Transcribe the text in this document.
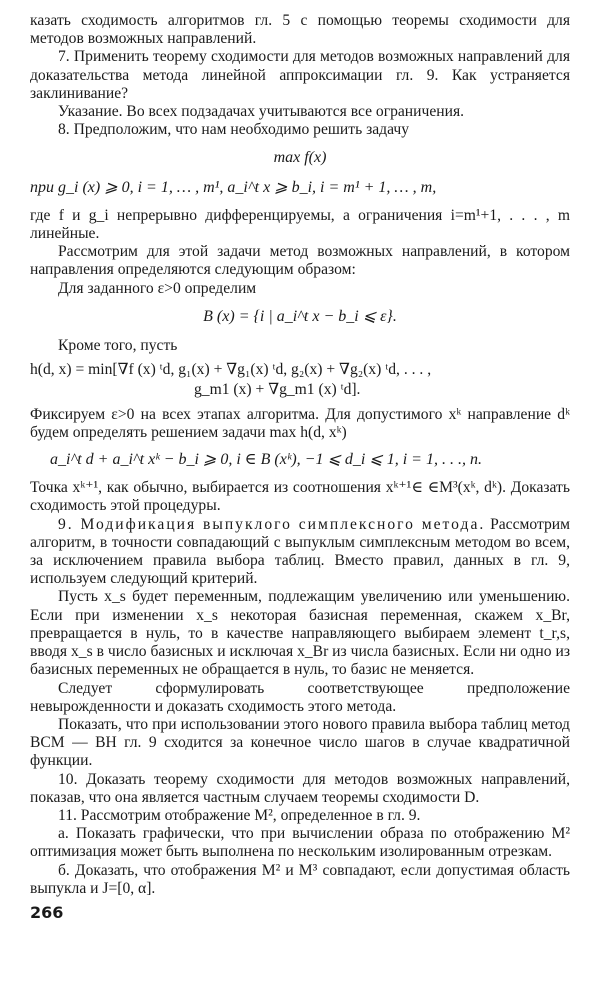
казать сходимость алгоритмов гл. 5 с помощью теоремы сходимости для методов возможных направлений.

7. Применить теорему сходимости для методов возможных направлений для доказательства метода линейной аппроксимации гл. 9. Как устраняется заклинивание?

Указание. Во всех подзадачах учитываются все ограничения.

8. Предположим, что нам необходимо решить задачу

max f(x)
при g_i (x) ⩾ 0, i = 1, … , m¹, a_i^t x ⩾ b_i, i = m¹ + 1, … , m,

где f и g_i непрерывно дифференцируемы, а ограничения i=m¹+1, . . . , m линейные.

Рассмотрим для этой задачи метод возможных направлений, в котором направления определяются следующим образом:

Для заданного ε>0 определим

B (x) = {i | a_i^t x − b_i ⩽ ε}.

Кроме того, пусть

h(d, x) = min[∇f (x) ᵗd, g₁(x) + ∇g₁(x) ᵗd, g₂(x) + ∇g₂(x) ᵗd, . . . ,
g_m1 (x) + ∇g_m1 (x) ᵗd].

Фиксируем ε>0 на всех этапах алгоритма. Для допустимого xᵏ направление dᵏ будем определять решением задачи max h(d, xᵏ)

a_i^t d + a_i^t xᵏ − b_i ⩾ 0, i ∈ B (xᵏ), −1 ⩽ d_i ⩽ 1, i = 1, . . ., n.

Точка xᵏ⁺¹, как обычно, выбирается из соотношения xᵏ⁺¹∈ ∈M³(xᵏ, dᵏ). Доказать сходимость этой процедуры.

9. Модификация выпуклого симплексного метода. Рассмотрим алгоритм, в точности совпадающий с выпуклым симплексным методом во всем, за исключением правила выбора таблиц. Вместо правил, данных в гл. 9, используем следующий критерий.

Пусть x_s будет переменным, подлежащим увеличению или уменьшению. Если при изменении x_s некоторая базисная переменная, скажем x_Br, превращается в нуль, то в качестве направляющего выбираем элемент t_r,s, вводя x_s в число базисных и исключая x_Br из числа базисных. Если ни одно из базисных переменных не обращается в нуль, то базис не меняется.

Следует сформулировать соответствующее предположение невырожденности и доказать сходимость этого метода.

Показать, что при использовании этого нового правила выбора таблиц метод ВСМ — ВН гл. 9 сходится за конечное число шагов в случае квадратичной функции.

10. Доказать теорему сходимости для методов возможных направлений, показав, что она является частным случаем теоремы сходимости D.

11. Рассмотрим отображение M², определенное в гл. 9.

а. Показать графически, что при вычислении образа по отображению M² оптимизация может быть выполнена по нескольким изолированным отрезкам.

б. Доказать, что отображения M² и M³ совпадают, если допустимая область выпукла и J=[0, α].

266
